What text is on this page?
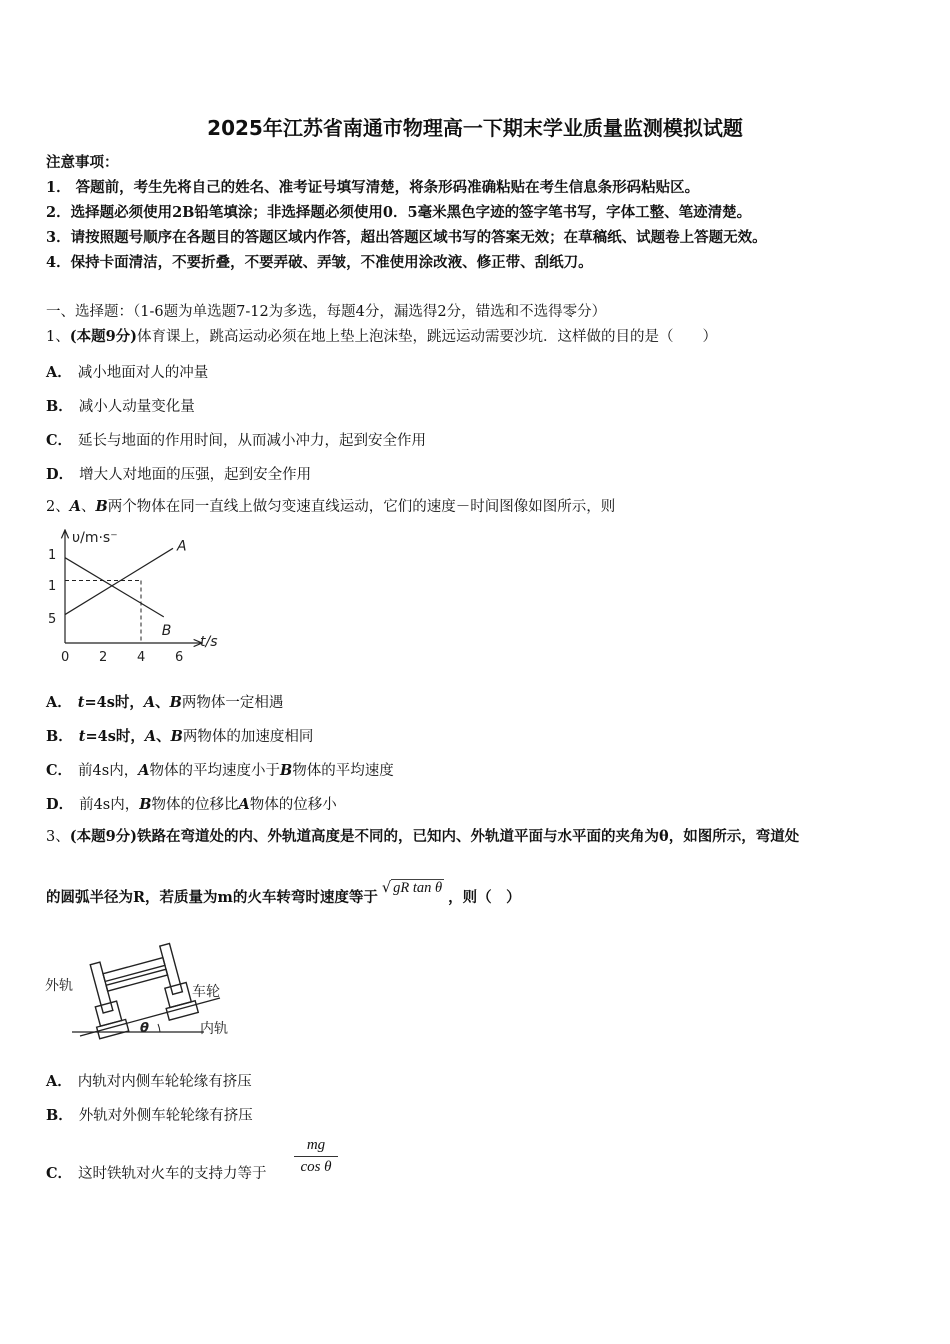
2025年江苏省南通市物理高一下期末学业质量监测模拟试题
注意事项：
1． 答题前，考生先将自己的姓名、准考证号填写清楚，将条形码准确粘贴在考生信息条形码粘贴区。
2．选择题必须使用2B铅笔填涂；非选择题必须使用0．5毫米黑色字迹的签字笔书写，字体工整、笔迹清楚。
3．请按照题号顺序在各题目的答题区域内作答，超出答题区域书写的答案无效；在草稿纸、试题卷上答题无效。
4．保持卡面清洁，不要折叠，不要弄破、弄皱，不准使用涂改液、修正带、刮纸刀。
一、选择题：（1-6题为单选题7-12为多选，每题4分，漏选得2分，错选和不选得零分）
1、(本题9分)体育课上，跳高运动必须在地上垫上泡沫垫，跳远运动需要沙坑．这样做的目的是（　　）
A． 减小地面对人的冲量
B． 减小人动量变化量
C． 延长与地面的作用时间，从而减小冲力，起到安全作用
D． 增大人对地面的压强，起到安全作用
2、A、B两个物体在同一直线上做匀变速直线运动，它们的速度－时间图像如图所示，则
υ/m·s⁻
t/s
0 2 4 6
5
1
1
A
B
A． t=4s时，A、B两物体一定相遇
B． t=4s时，A、B两物体的加速度相同
C． 前4s内，A物体的平均速度小于B物体的平均速度
D． 前4s内，B物体的位移比A物体的位移小
3、(本题9分)铁路在弯道处的内、外轨道高度是不同的，已知内、外轨道平面与水平面的夹角为θ，如图所示，弯道处
的圆弧半径为R，若质量为m的火车转弯时速度等于√ gR tan θ，则（　）
外轨	车轮
θ	内轨
A． 内轨对内侧车轮轮缘有挤压
B． 外轨对外侧车轮轮缘有挤压
C． 这时铁轨对火车的支持力等于
mg
cos θ
